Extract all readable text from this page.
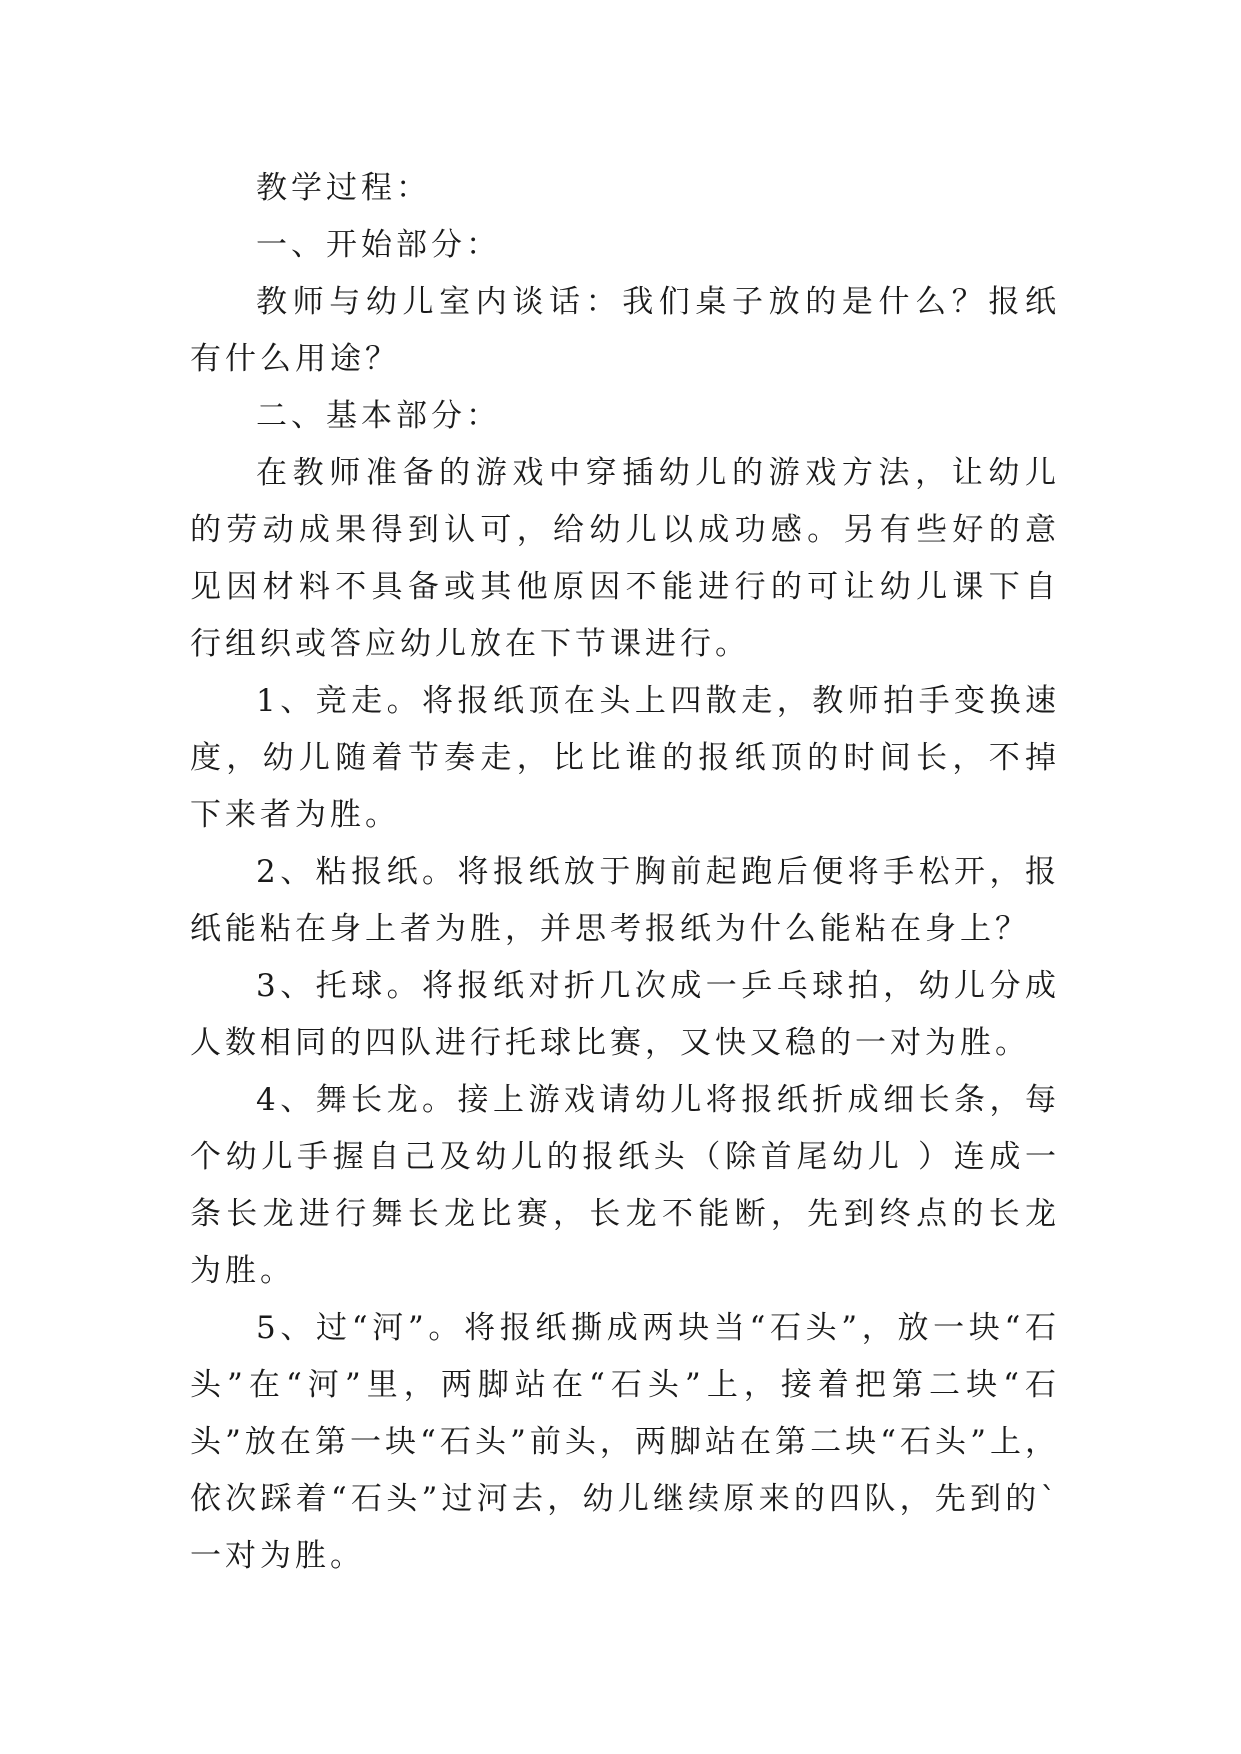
教学过程：

一、开始部分：

教师与幼儿室内谈话：我们桌子放的是什么？报纸有什么用途？

二、基本部分：

在教师准备的游戏中穿插幼儿的游戏方法，让幼儿的劳动成果得到认可，给幼儿以成功感。另有些好的意见因材料不具备或其他原因不能进行的可让幼儿课下自行组织或答应幼儿放在下节课进行。

1、竞走。将报纸顶在头上四散走，教师拍手变换速度，幼儿随着节奏走，比比谁的报纸顶的时间长，不掉下来者为胜。

2、粘报纸。将报纸放于胸前起跑后便将手松开，报纸能粘在身上者为胜，并思考报纸为什么能粘在身上？

3、托球。将报纸对折几次成一乒乓球拍，幼儿分成人数相同的四队进行托球比赛，又快又稳的一对为胜。

4、舞长龙。接上游戏请幼儿将报纸折成细长条，每个幼儿手握自己及幼儿的报纸头（除首尾幼儿 ）连成一条长龙进行舞长龙比赛，长龙不能断，先到终点的长龙为胜。

5、过“河”。将报纸撕成两块当“石头”，放一块“石头”在“河”里，两脚站在“石头”上，接着把第二块“石头”放在第一块“石头”前头，两脚站在第二块“石头”上，依次踩着“石头”过河去，幼儿继续原来的四队，先到的`一对为胜。
